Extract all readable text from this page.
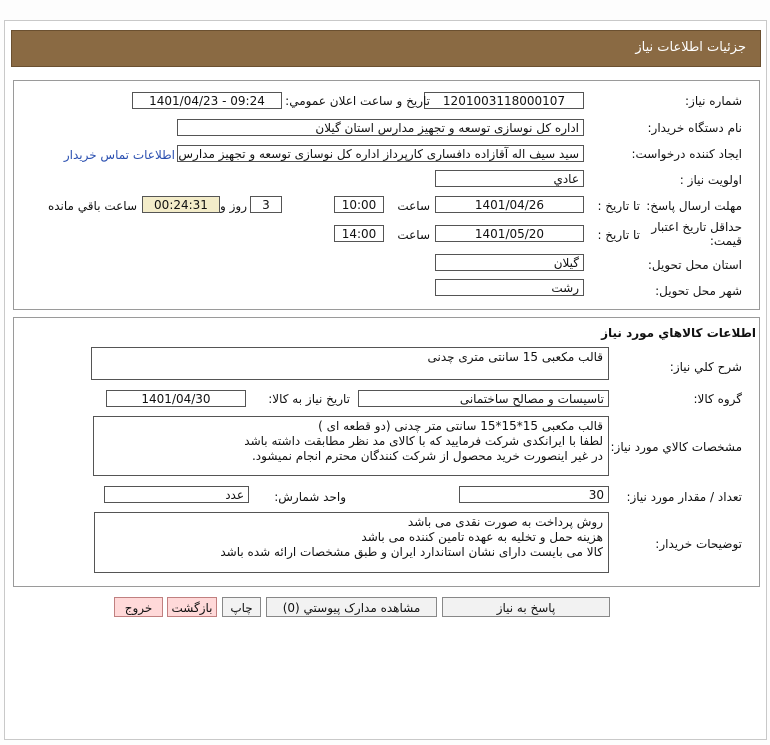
جزئيات اطلاعات نياز
شماره نياز:
1201003118000107
تاريخ و ساعت اعلان عمومي:
1401/04/23 - 09:24
نام دستگاه خريدار:
اداره کل نوسازی توسعه و تجهیز مدارس استان گیلان
ايجاد کننده درخواست:
سید سیف اله آقازاده دافساری کارپرداز اداره کل نوسازی توسعه و تجهیز مدارس
اطلاعات تماس خريدار
اولويت نياز :
عادي
مهلت ارسال پاسخ:
تا تاريخ :
1401/04/26
ساعت
10:00
3
روز و
00:24:31
ساعت باقي مانده
حداقل تاريخ اعتبار قيمت:
تا تاريخ :
1401/05/20
ساعت
14:00
استان محل تحويل:
گيلان
شهر محل تحويل:
رشت
اطلاعات کالاهاي مورد نياز
شرح کلي نياز:
قالب مکعبی 15 سانتی متری چدنی
گروه کالا:
تاسیسات و مصالح ساختمانی
تاريخ نياز به کالا:
1401/04/30
مشخصات کالاي مورد نياز:
قالب مکعبی 15*15*15 سانتی متر چدنی (دو قطعه ای )
لطفا با ایرانکدی شرکت فرمایید که با کالای مد نظر مطابقت داشته باشد
در غیر اینصورت خرید محصول از شرکت کنندگان محترم انجام نمیشود.
تعداد / مقدار مورد نياز:
30
واحد شمارش:
عدد
توضيحات خريدار:
روش پرداخت به صورت نقدی می باشد
هزینه حمل و تخلیه به عهده تامین کننده می باشد
کالا می بایست دارای نشان استاندارد ایران و طبق مشخصات ارائه شده باشد
پاسخ به نياز
مشاهده مدارک پيوستي (0)
چاپ
بازگشت
خروج
